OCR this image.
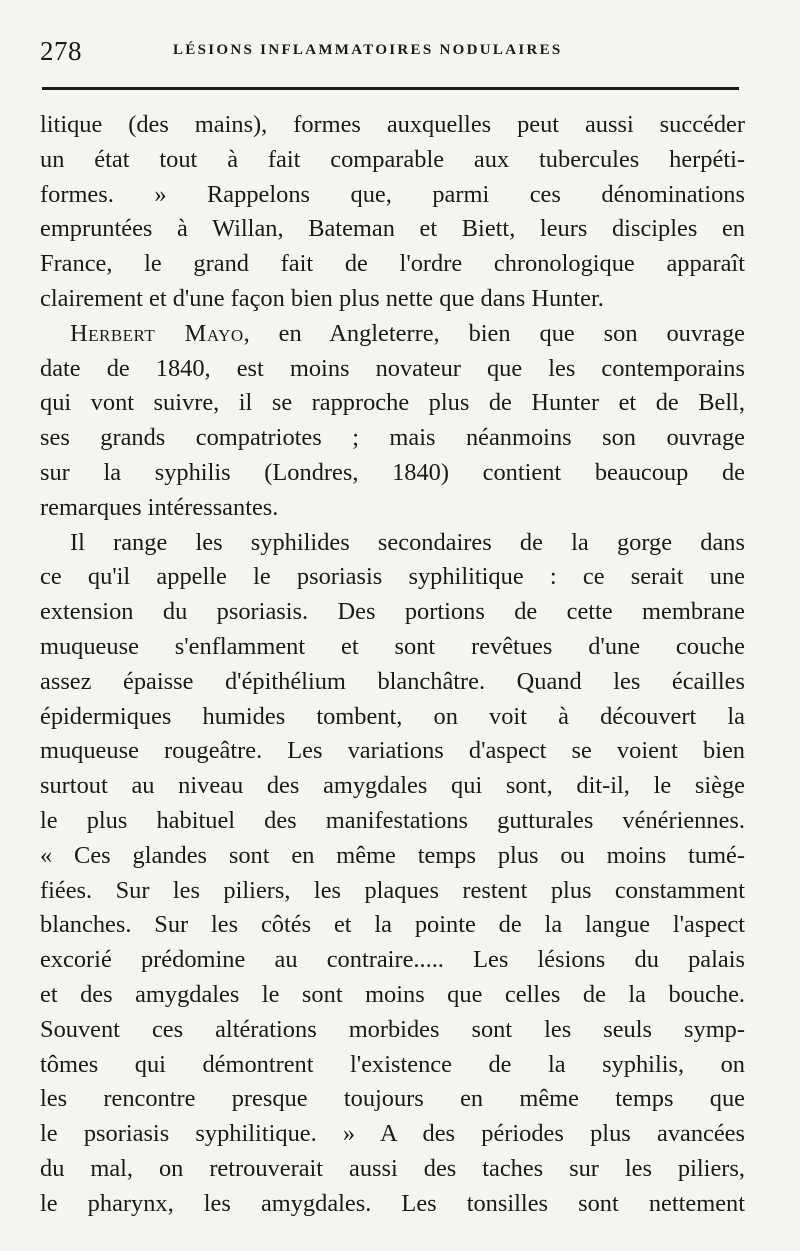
278	LÉSIONS INFLAMMATOIRES NODULAIRES
litique (des mains), formes auxquelles peut aussi succéder
un état tout à fait comparable aux tubercules herpéti-
formes. » Rappelons que, parmi ces dénominations
empruntées à Willan, Bateman et Biett, leurs disciples en
France, le grand fait de l'ordre chronologique apparaît
clairement et d'une façon bien plus nette que dans Hunter.
Herbert Mayo, en Angleterre, bien que son ouvrage
date de 1840, est moins novateur que les contemporains
qui vont suivre, il se rapproche plus de Hunter et de Bell,
ses grands compatriotes ; mais néanmoins son ouvrage
sur la syphilis (Londres, 1840) contient beaucoup de
remarques intéressantes.
Il range les syphilides secondaires de la gorge dans
ce qu'il appelle le psoriasis syphilitique : ce serait une
extension du psoriasis. Des portions de cette membrane
muqueuse s'enflamment et sont revêtues d'une couche
assez épaisse d'épithélium blanchâtre. Quand les écailles
épidermiques humides tombent, on voit à découvert la
muqueuse rougeâtre. Les variations d'aspect se voient bien
surtout au niveau des amygdales qui sont, dit-il, le siège
le plus habituel des manifestations gutturales vénériennes.
« Ces glandes sont en même temps plus ou moins tumé-
fiées. Sur les piliers, les plaques restent plus constamment
blanches. Sur les côtés et la pointe de la langue l'aspect
excorié prédomine au contraire..... Les lésions du palais
et des amygdales le sont moins que celles de la bouche.
Souvent ces altérations morbides sont les seuls symp-
tômes qui démontrent l'existence de la syphilis, on
les rencontre presque toujours en même temps que
le psoriasis syphilitique. » A des périodes plus avancées
du mal, on retrouverait aussi des taches sur les piliers,
le pharynx, les amygdales. Les tonsilles sont nettement
